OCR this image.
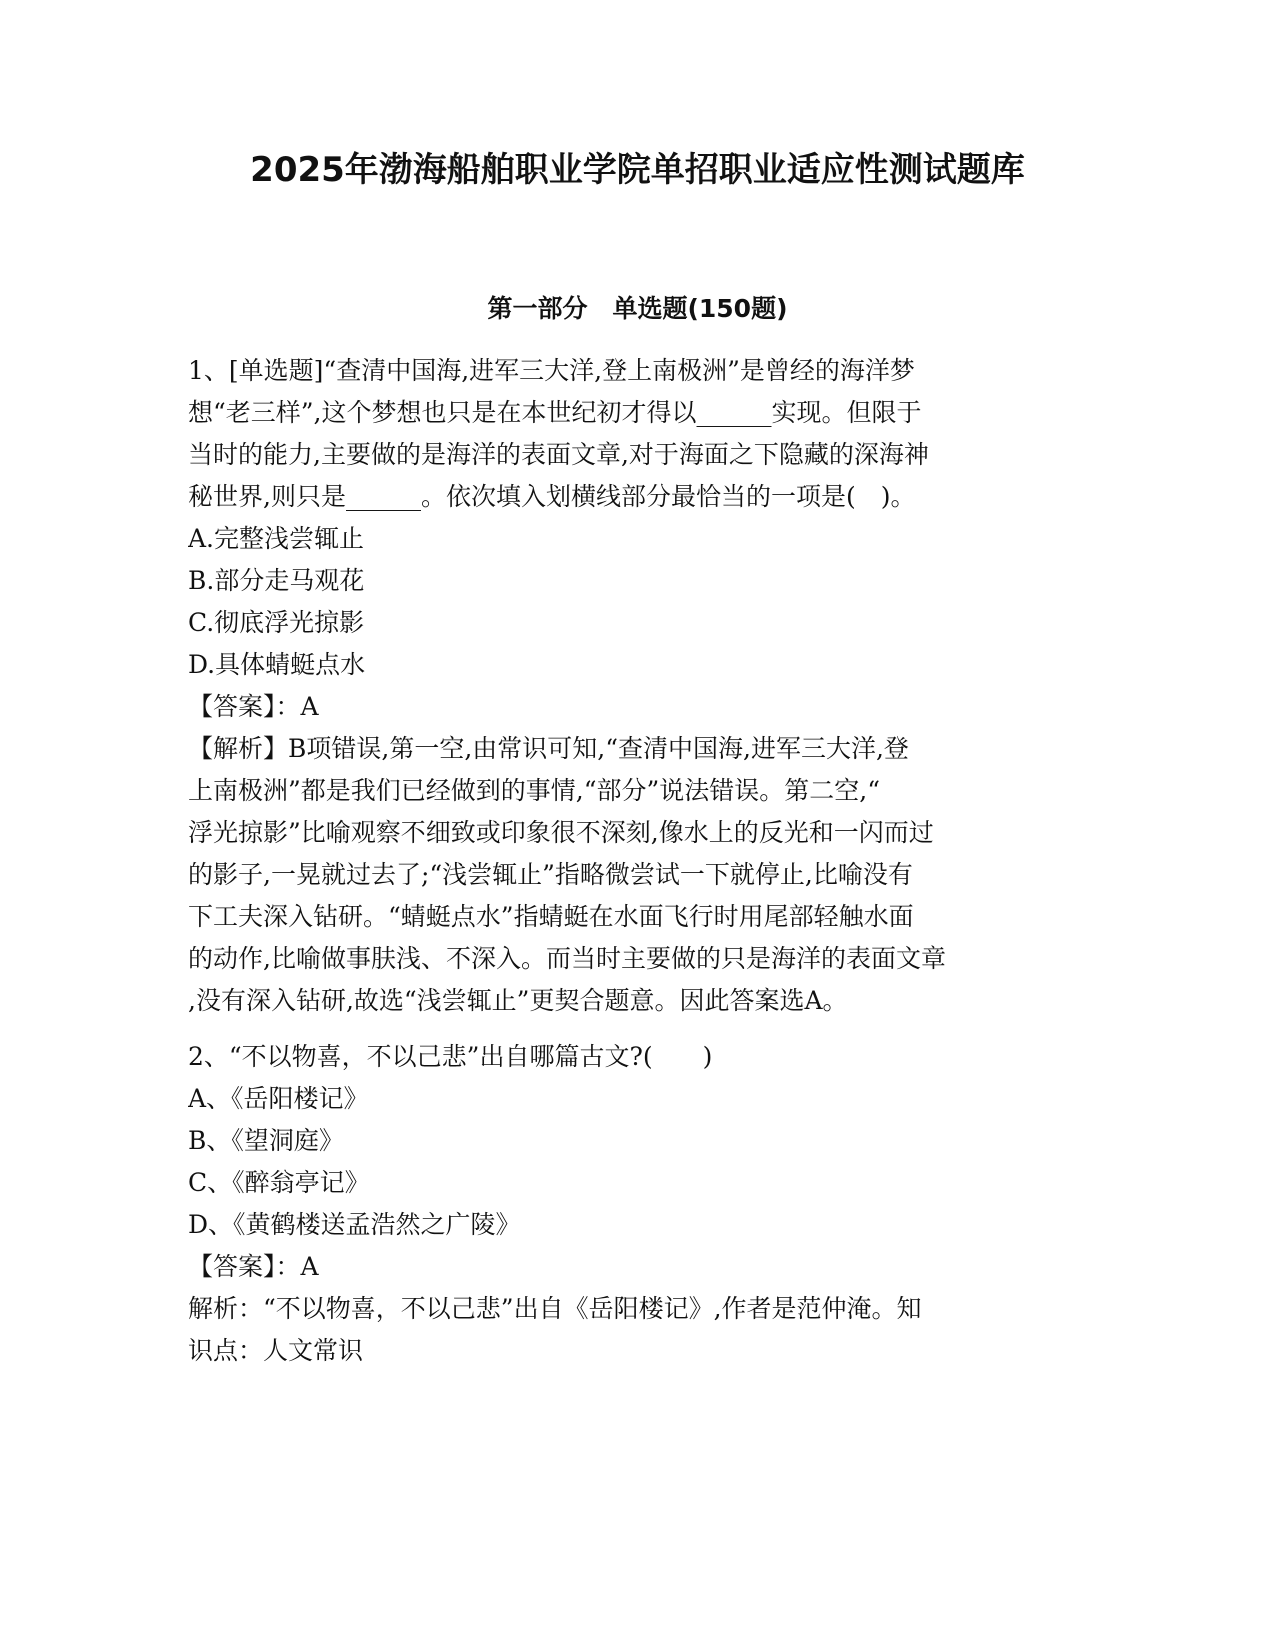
2025年渤海船舶职业学院单招职业适应性测试题库
第一部分　单选题(150题)
1、[单选题]“查清中国海,进军三大洋,登上南极洲”是曾经的海洋梦
想“老三样”,这个梦想也只是在本世纪初才得以______实现。但限于
当时的能力,主要做的是海洋的表面文章,对于海面之下隐藏的深海神
秘世界,则只是______。依次填入划横线部分最恰当的一项是(　)。
A.完整浅尝辄止
B.部分走马观花
C.彻底浮光掠影
D.具体蜻蜓点水
【答案】：A
【解析】B项错误,第一空,由常识可知,“查清中国海,进军三大洋,登
上南极洲”都是我们已经做到的事情,“部分”说法错误。第二空,“
浮光掠影”比喻观察不细致或印象很不深刻,像水上的反光和一闪而过
的影子,一晃就过去了;“浅尝辄止”指略微尝试一下就停止,比喻没有
下工夫深入钻研。“蜻蜓点水”指蜻蜓在水面飞行时用尾部轻触水面
的动作,比喻做事肤浅、不深入。而当时主要做的只是海洋的表面文章
,没有深入钻研,故选“浅尝辄止”更契合题意。因此答案选A。
2、“不以物喜，不以己悲”出自哪篇古文?(　　)
A、《岳阳楼记》
B、《望洞庭》
C、《醉翁亭记》
D、《黄鹤楼送孟浩然之广陵》
【答案】：A
解析：“不以物喜，不以己悲”出自《岳阳楼记》,作者是范仲淹。知
识点：人文常识
